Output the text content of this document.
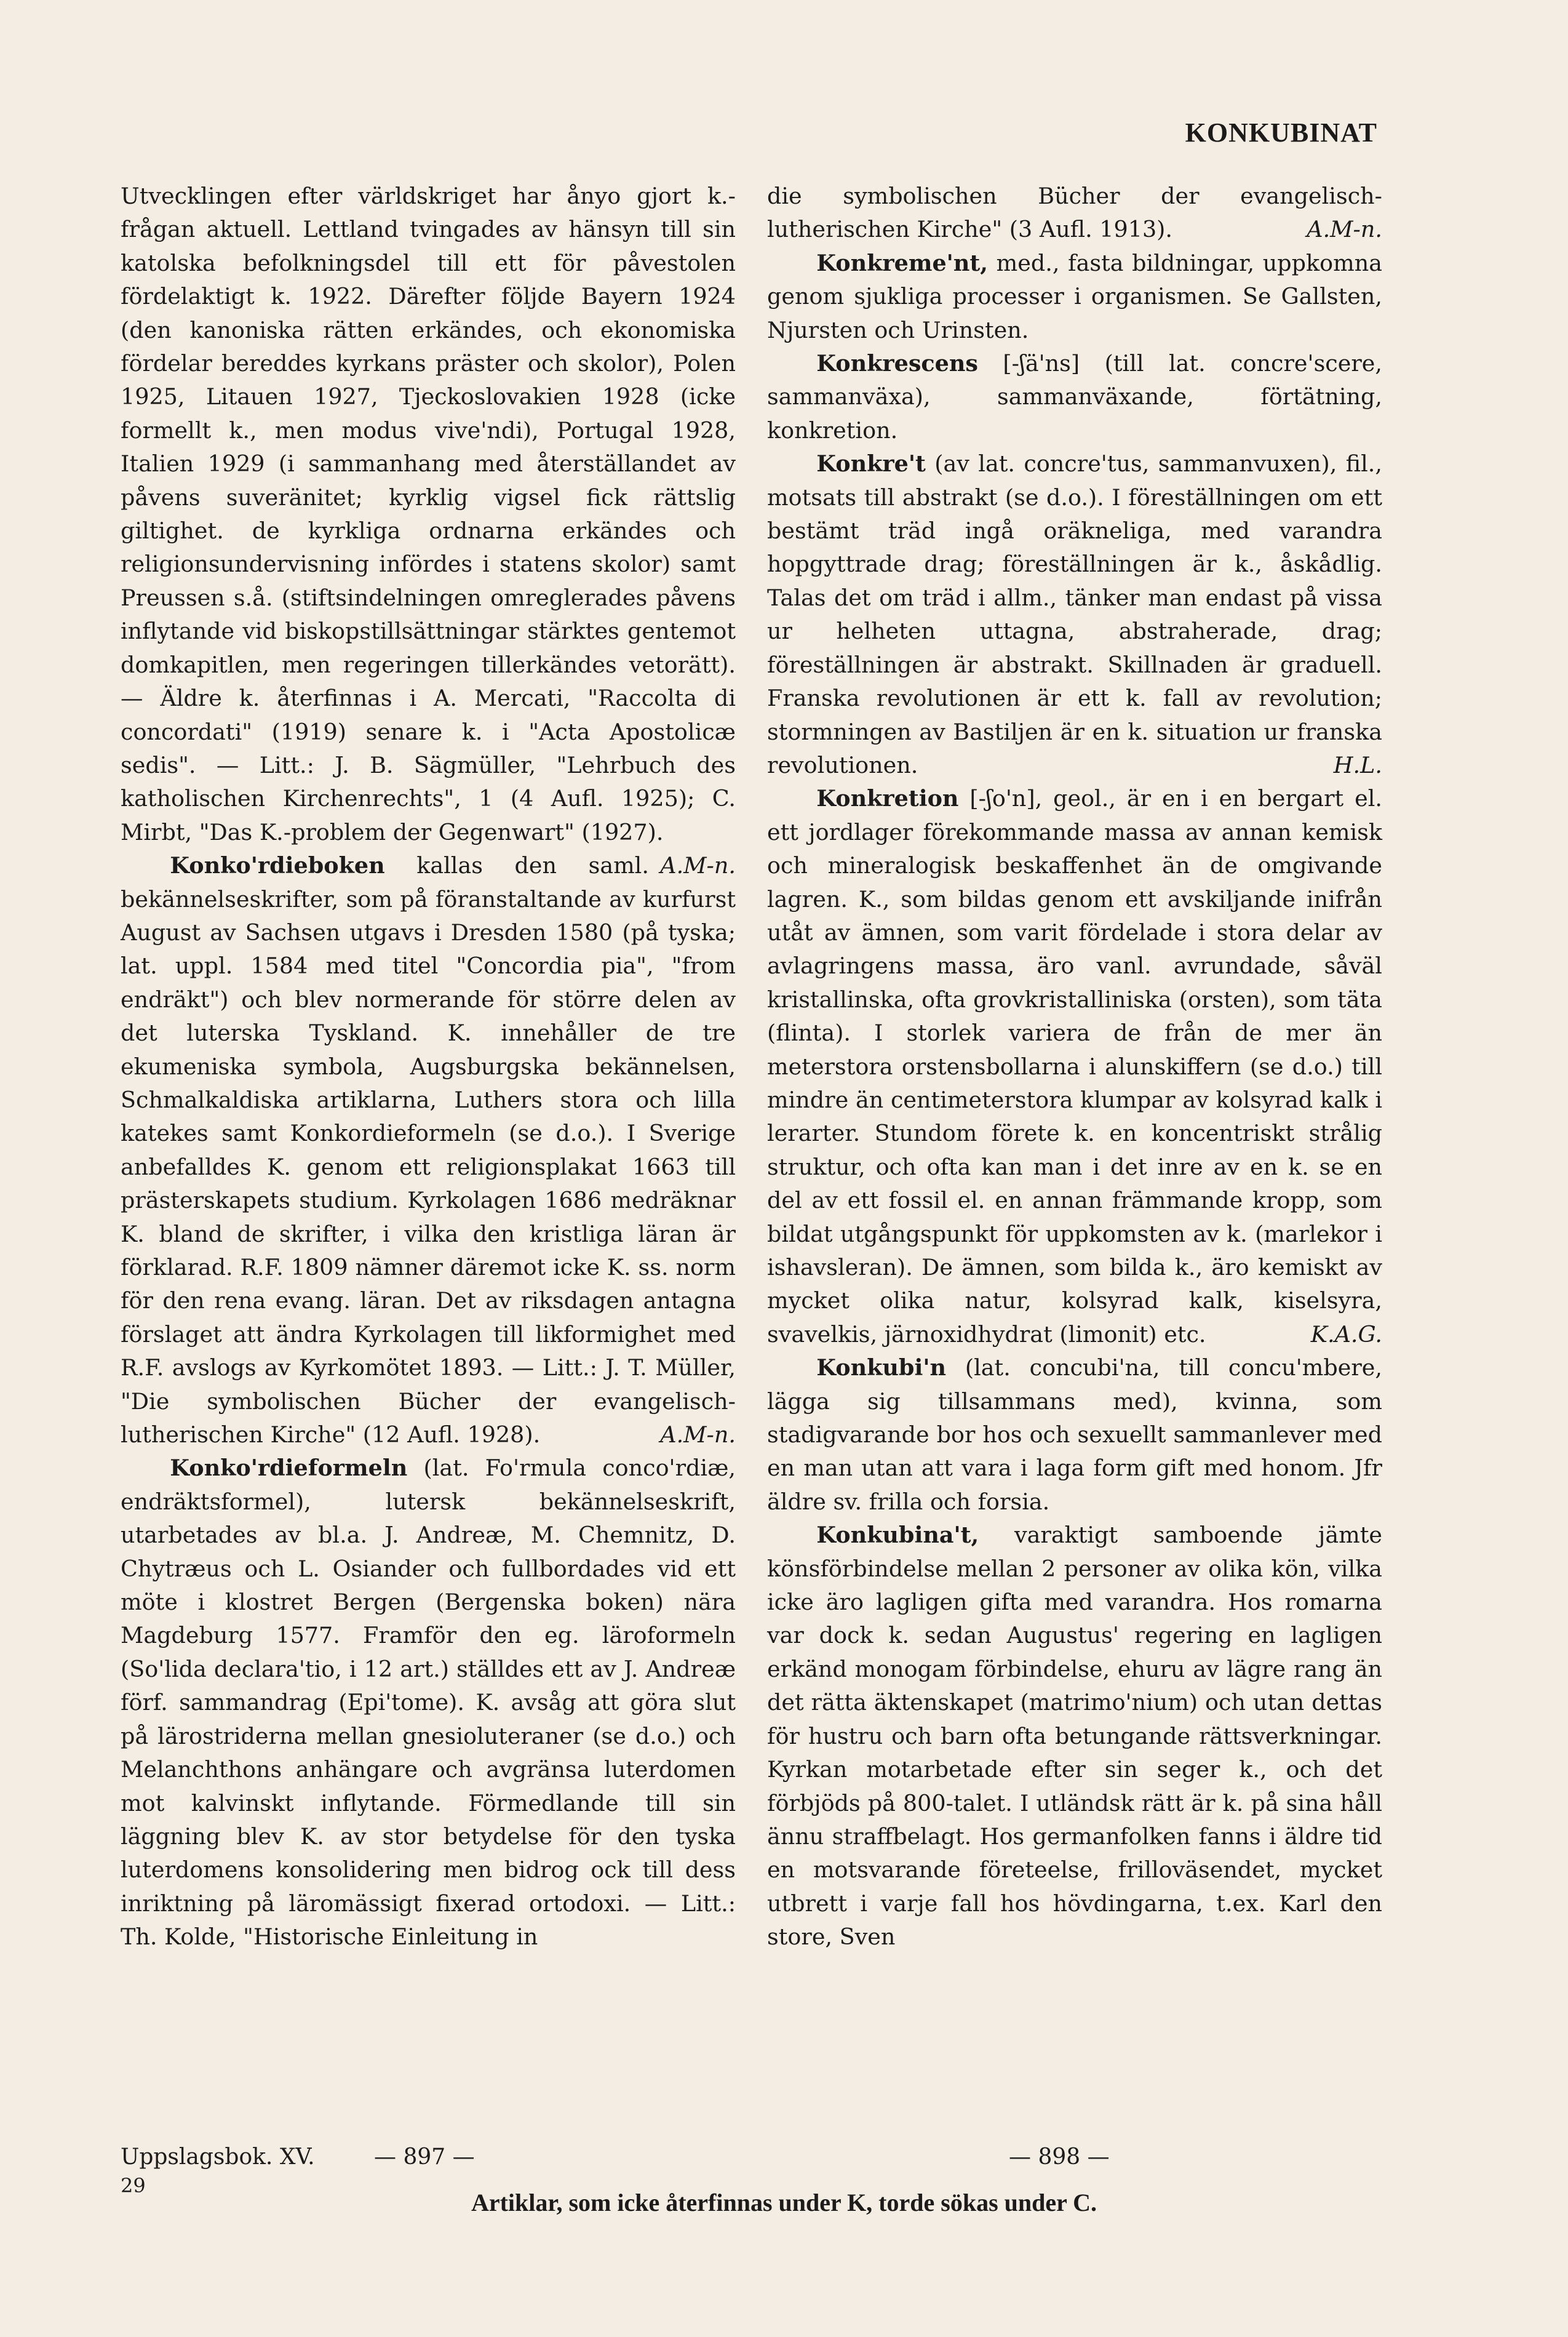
KONKUBINAT

Utvecklingen efter världskriget har ånyo gjort k.-frågan aktuell. Lettland tvingades av hänsyn till sin katolska befolkningsdel till ett för påvestolen fördelaktigt k. 1922. Därefter följde Bayern 1924 (den kanoniska rätten erkändes, och ekonomiska fördelar bereddes kyrkans präster och skolor), Polen 1925, Litauen 1927, Tjeckoslovakien 1928 (icke formellt k., men modus vive'ndi), Portugal 1928, Italien 1929 (i sammanhang med återställandet av påvens suveränitet; kyrklig vigsel fick rättslig giltighet. de kyrkliga ordnarna erkändes och religionsundervisning infördes i statens skolor) samt Preussen s.å. (stiftsindelningen omreglerades påvens inflytande vid biskopstillsättningar stärktes gentemot domkapitlen, men regeringen tillerkändes vetorätt). — Äldre k. återfinnas i A. Mercati, "Raccolta di concordati" (1919) senare k. i "Acta Apostolicæ sedis". — Litt.: J. B. Sägmüller, "Lehrbuch des katholischen Kirchenrechts", 1 (4 Aufl. 1925); C. Mirbt, "Das K.-problem der Gegenwart" (1927).
A.M-n.

Konko'rdieboken kallas den saml. bekännelseskrifter, som på föranstaltande av kurfurst August av Sachsen utgavs i Dresden 1580 (på tyska; lat. uppl. 1584 med titel "Concordia pia", "from endräkt") och blev normerande för större delen av det luterska Tyskland. K. innehåller de tre ekumeniska symbola, Augsburgska bekännelsen, Schmalkaldiska artiklarna, Luthers stora och lilla katekes samt Konkordieformeln (se d.o.). I Sverige anbefalldes K. genom ett religionsplakat 1663 till prästerskapets studium. Kyrkolagen 1686 medräknar K. bland de skrifter, i vilka den kristliga läran är förklarad. R.F. 1809 nämner däremot icke K. ss. norm för den rena evang. läran. Det av riksdagen antagna förslaget att ändra Kyrkolagen till likformighet med R.F. avslogs av Kyrkomötet 1893. — Litt.: J. T. Müller, "Die symbolischen Bücher der evangelisch-lutherischen Kirche" (12 Aufl. 1928).	A.M-n.

Konko'rdieformeln (lat. Fo'rmula conco'rdiæ, endräktsformel), lutersk bekännelseskrift, utarbetades av bl.a. J. Andreæ, M. Chemnitz, D. Chytræus och L. Osiander och fullbordades vid ett möte i klostret Bergen (Bergenska boken) nära Magdeburg 1577. Framför den eg. läroformeln (So'lida declara'tio, i 12 art.) ställdes ett av J. Andreæ förf. sammandrag (Epi'tome). K. avsåg att göra slut på lärostriderna mellan gnesioluteraner (se d.o.) och Melanchthons anhängare och avgränsa luterdomen mot kalvinskt inflytande. Förmedlande till sin läggning blev K. av stor betydelse för den tyska luterdomens konsolidering men bidrog ock till dess inriktning på läromässigt fixerad ortodoxi. — Litt.: Th. Kolde, "Historische Einleitung in

die symbolischen Bücher der evangelisch-lutherischen Kirche" (3 Aufl. 1913).	A.M-n.

Konkreme'nt, med., fasta bildningar, uppkomna genom sjukliga processer i organismen. Se Gallsten, Njursten och Urinsten.

Konkrescens [-ʃä'ns] (till lat. concre'scere, sammanväxa), sammanväxande, förtätning, konkretion.

Konkre't (av lat. concre'tus, sammanvuxen), fil., motsats till abstrakt (se d.o.). I föreställningen om ett bestämt träd ingå oräkneliga, med varandra hopgyttrade drag; föreställningen är k., åskådlig. Talas det om träd i allm., tänker man endast på vissa ur helheten uttagna, abstraherade, drag; föreställningen är abstrakt. Skillnaden är graduell. Franska revolutionen är ett k. fall av revolution; stormningen av Bastiljen är en k. situation ur franska revolutionen.	H.L.

Konkretion [-ʃo'n], geol., är en i en bergart el. ett jordlager förekommande massa av annan kemisk och mineralogisk beskaffenhet än de omgivande lagren. K., som bildas genom ett avskiljande inifrån utåt av ämnen, som varit fördelade i stora delar av avlagringens massa, äro vanl. avrundade, såväl kristallinska, ofta grovkristalliniska (orsten), som täta (flinta). I storlek variera de från de mer än meterstora orstensbollarna i alunskiffern (se d.o.) till mindre än centimeterstora klumpar av kolsyrad kalk i lerarter. Stundom förete k. en koncentriskt strålig struktur, och ofta kan man i det inre av en k. se en del av ett fossil el. en annan främmande kropp, som bildat utgångspunkt för uppkomsten av k. (marlekor i ishavsleran). De ämnen, som bilda k., äro kemiskt av mycket olika natur, kolsyrad kalk, kiselsyra, svavelkis, järnoxidhydrat (limonit) etc.	K.A.G.

Konkubi'n (lat. concubi'na, till concu'mbere, lägga sig tillsammans med), kvinna, som stadigvarande bor hos och sexuellt sammanlever med en man utan att vara i laga form gift med honom. Jfr äldre sv. frilla och forsia.

Konkubina't, varaktigt samboende jämte könsförbindelse mellan 2 personer av olika kön, vilka icke äro lagligen gifta med varandra. Hos romarna var dock k. sedan Augustus' regering en lagligen erkänd monogam förbindelse, ehuru av lägre rang än det rätta äktenskapet (matrimo'nium) och utan dettas för hustru och barn ofta betungande rättsverkningar. Kyrkan motarbetade efter sin seger k., och det förbjöds på 800-talet. I utländsk rätt är k. på sina håll ännu straffbelagt. Hos germanfolken fanns i äldre tid en motsvarande företeelse, frilloväsendet, mycket utbrett i varje fall hos hövdingarna, t.ex. Karl den store, Sven

Uppslagsbok. XV.
29
— 897 —	— 898 —
Artiklar, som icke återfinnas under K, torde sökas under C.
